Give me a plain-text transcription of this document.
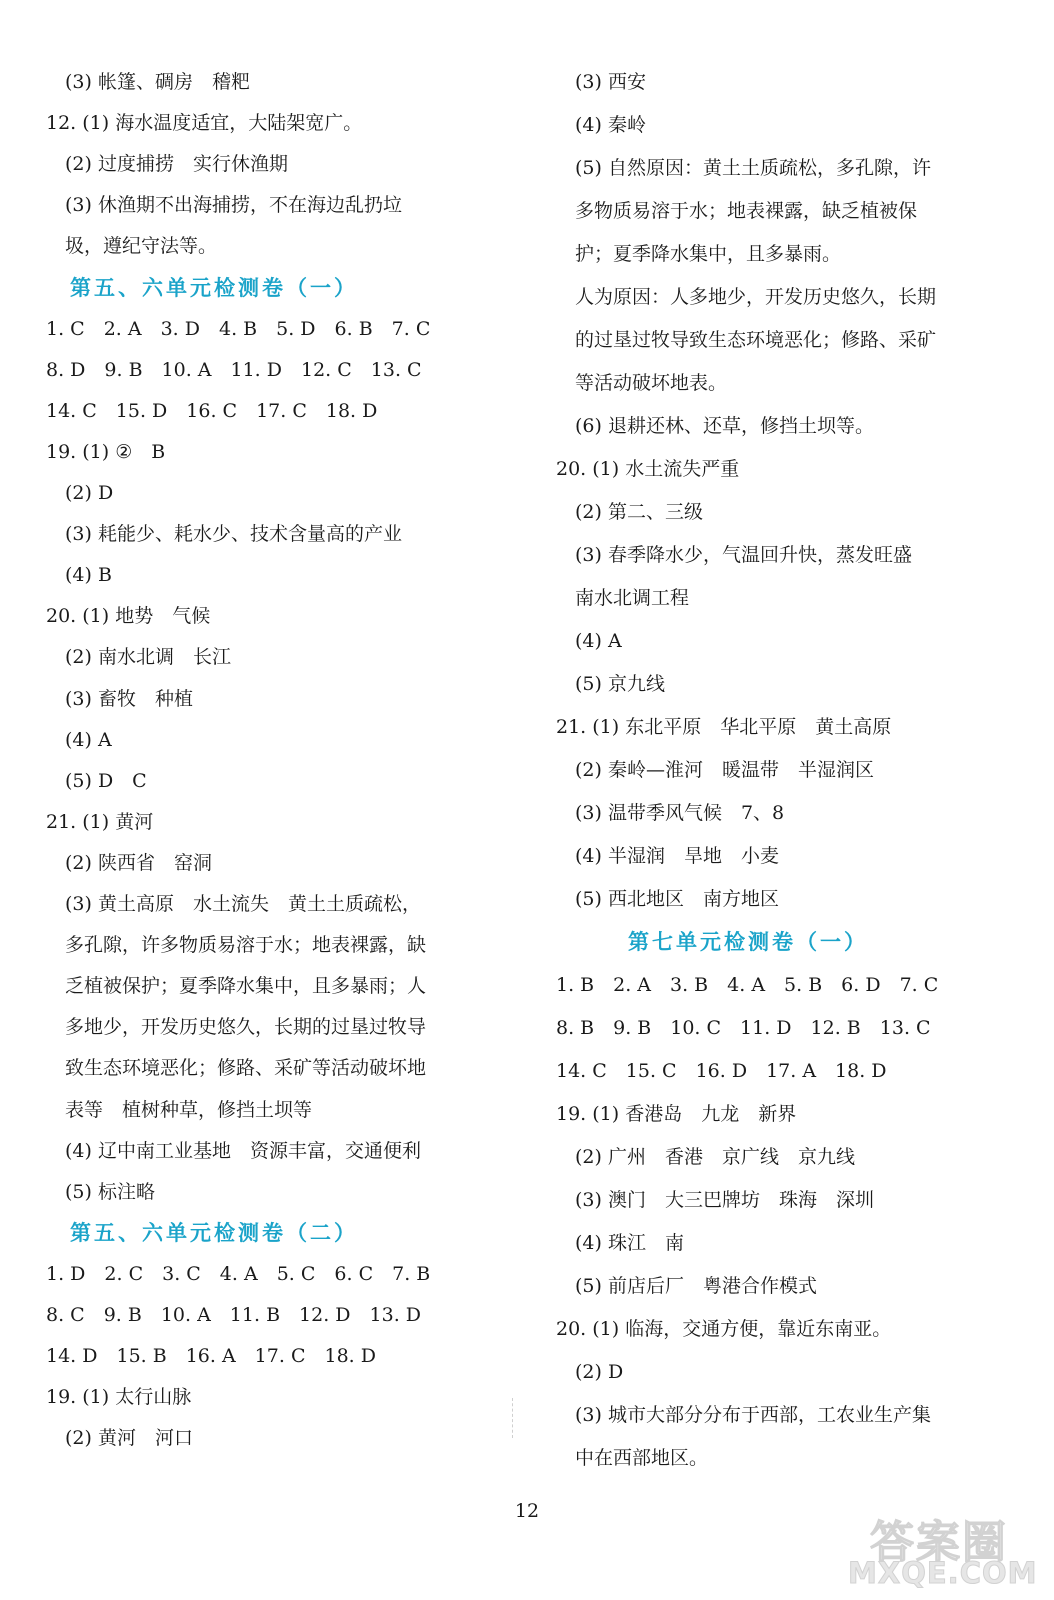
　(3) 帐篷、碉房　稽粑
12. (1) 海水温度适宜，大陆架宽广。
　(2) 过度捕捞　实行休渔期
　(3) 休渔期不出海捕捞，不在海边乱扔垃
　圾，遵纪守法等。
　第五、六单元检测卷（一）
1. C　2. A　3. D　4. B　5. D　6. B　7. C
8. D　9. B　10. A　11. D　12. C　13. C
14. C　15. D　16. C　17. C　18. D
19. (1) ②　B
　(2) D
　(3) 耗能少、耗水少、技术含量高的产业
　(4) B
20. (1) 地势　气候
　(2) 南水北调　长江
　(3) 畜牧　种植
　(4) A
　(5) D　C
21. (1) 黄河
　(2) 陕西省　窑洞
　(3) 黄土高原　水土流失　黄土土质疏松，
　多孔隙，许多物质易溶于水；地表裸露，缺
　乏植被保护；夏季降水集中，且多暴雨；人
　多地少，开发历史悠久，长期的过垦过牧导
　致生态环境恶化；修路、采矿等活动破坏地
　表等　植树种草，修挡土坝等
　(4) 辽中南工业基地　资源丰富，交通便利
　(5) 标注略
　第五、六单元检测卷（二）
1. D　2. C　3. C　4. A　5. C　6. C　7. B
8. C　9. B　10. A　11. B　12. D　13. D
14. D　15. B　16. A　17. C　18. D
19. (1) 太行山脉
　(2) 黄河　河口
　(3) 西安
　(4) 秦岭
　(5) 自然原因：黄土土质疏松，多孔隙，许
　多物质易溶于水；地表裸露，缺乏植被保
　护；夏季降水集中，且多暴雨。
　人为原因：人多地少，开发历史悠久，长期
　的过垦过牧导致生态环境恶化；修路、采矿
　等活动破坏地表。
　(6) 退耕还林、还草，修挡土坝等。
20. (1) 水土流失严重
　(2) 第二、三级
　(3) 春季降水少，气温回升快，蒸发旺盛
　南水北调工程
　(4) A
　(5) 京九线
21. (1) 东北平原　华北平原　黄土高原
　(2) 秦岭—淮河　暖温带　半湿润区
　(3) 温带季风气候　7、8
　(4) 半湿润　旱地　小麦
　(5) 西北地区　南方地区
　　　第七单元检测卷（一）
1. B　2. A　3. B　4. A　5. B　6. D　7. C
8. B　9. B　10. C　11. D　12. B　13. C
14. C　15. C　16. D　17. A　18. D
19. (1) 香港岛　九龙　新界
　(2) 广州　香港　京广线　京九线
　(3) 澳门　大三巴牌坊　珠海　深圳
　(4) 珠江　南
　(5) 前店后厂　粤港合作模式
20. (1) 临海，交通方便，靠近东南亚。
　(2) D
　(3) 城市大部分分布于西部，工农业生产集
　中在西部地区。
12
答案圈
MXQE.COM
